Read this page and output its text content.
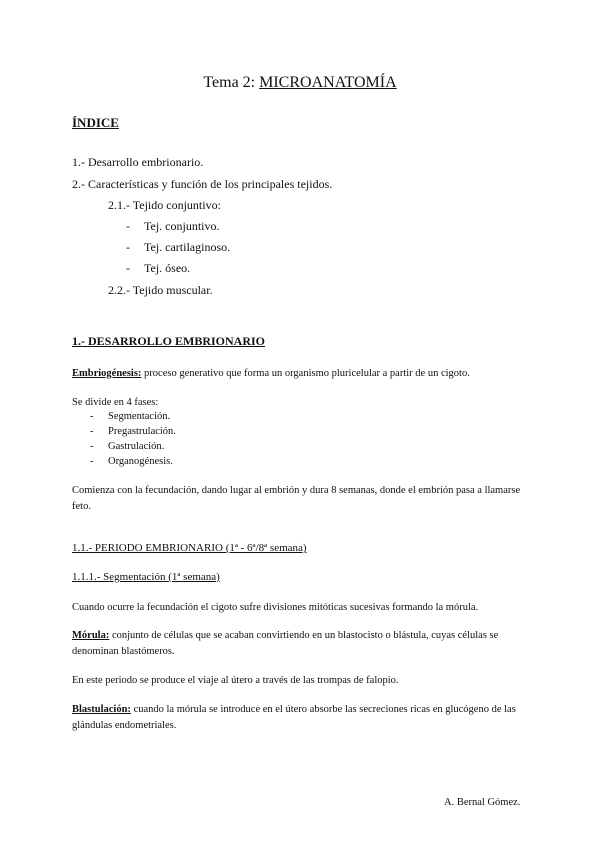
Tema 2: MICROANATOMÍA
ÍNDICE
1.- Desarrollo embrionario.
2.- Características y función de los principales tejidos.
2.1.- Tejido conjuntivo:
- Tej. conjuntivo.
- Tej. cartilaginoso.
- Tej. óseo.
2.2.- Tejido muscular.
1.- DESARROLLO EMBRIONARIO
Embriogénesis: proceso generativo que forma un organismo pluricelular a partir de un cigoto.
Se divide en 4 fases:
- Segmentación.
- Pregastrulación.
- Gastrulación.
- Organogénesis.
Comienza con la fecundación, dando lugar al embrión y dura 8 semanas, donde el embrión pasa a llamarse feto.
1.1.- PERIODO EMBRIONARIO (1ª - 6ª/8ª semana)
1.1.1.- Segmentación (1ª semana)
Cuando ocurre la fecundación el cigoto sufre divisiones mitóticas sucesivas formando la mórula.
Mórula: conjunto de células que se acaban convirtiendo en un blastocisto o blástula, cuyas células se denominan blastómeros.
En este periodo se produce el viaje al útero a través de las trompas de falopio.
Blastulación: cuando la mórula se introduce en el útero absorbe las secreciones ricas en glucógeno de las glándulas endometriales.
A. Bernal Gómez.
